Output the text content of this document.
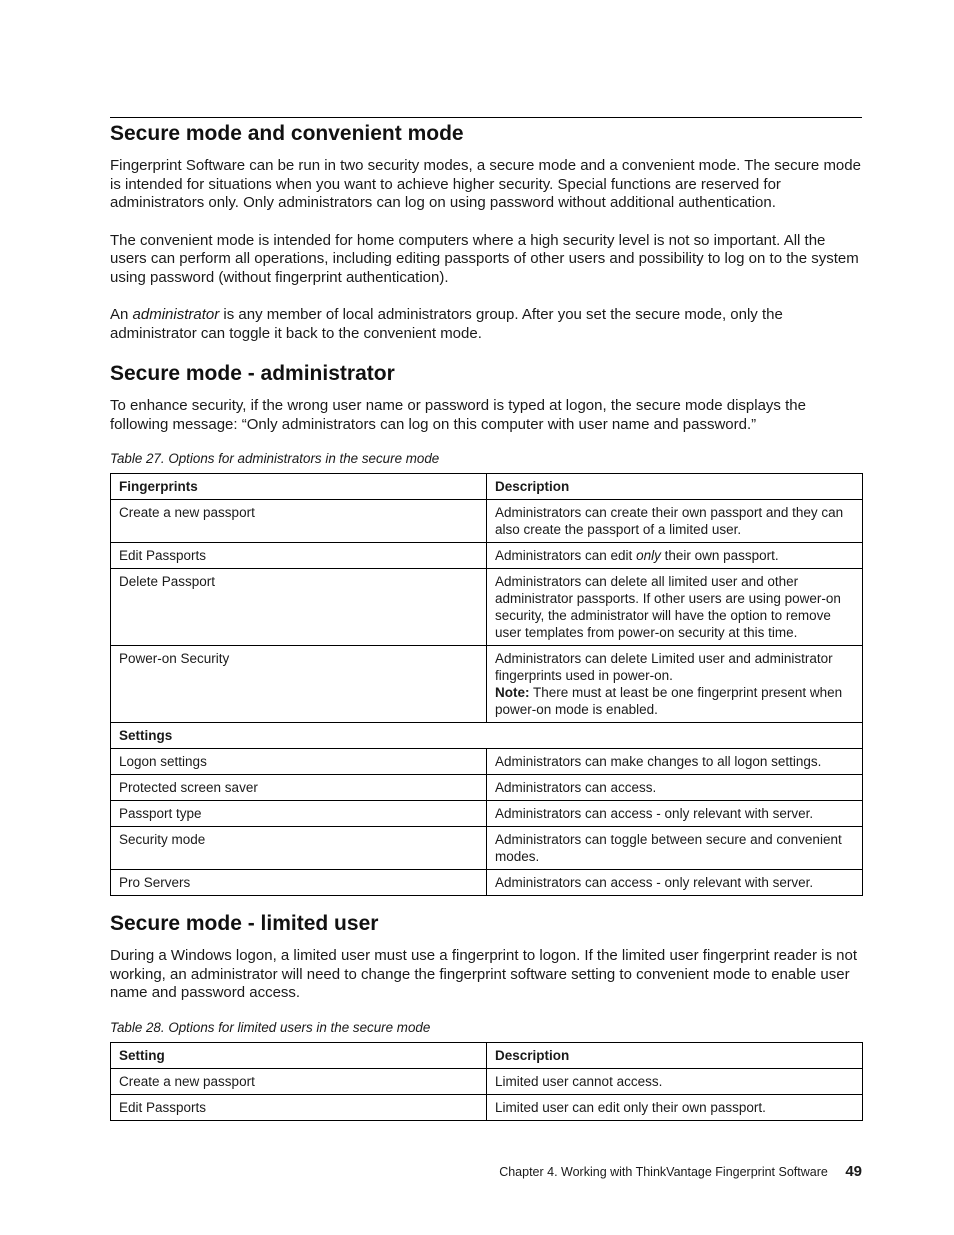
Secure mode and convenient mode

Fingerprint Software can be run in two security modes, a secure mode and a convenient mode. The secure mode is intended for situations when you want to achieve higher security. Special functions are reserved for administrators only. Only administrators can log on using password without additional authentication.

The convenient mode is intended for home computers where a high security level is not so important. All the users can perform all operations, including editing passports of other users and possibility to log on to the system using password (without fingerprint authentication).

An administrator is any member of local administrators group. After you set the secure mode, only the administrator can toggle it back to the convenient mode.

Secure mode - administrator

To enhance security, if the wrong user name or password is typed at logon, the secure mode displays the following message: “Only administrators can log on this computer with user name and password.”

Table 27. Options for administrators in the secure mode
Fingerprints	Description
Create a new passport	Administrators can create their own passport and they can also create the passport of a limited user.
Edit Passports	Administrators can edit only their own passport.
Delete Passport	Administrators can delete all limited user and other administrator passports. If other users are using power-on security, the administrator will have the option to remove user templates from power-on security at this time.
Power-on Security	Administrators can delete Limited user and administrator fingerprints used in power-on.
Note: There must at least be one fingerprint present when power-on mode is enabled.
Settings	
Logon settings	Administrators can make changes to all logon settings.
Protected screen saver	Administrators can access.
Passport type	Administrators can access - only relevant with server.
Security mode	Administrators can toggle between secure and convenient modes.
Pro Servers	Administrators can access - only relevant with server.
Secure mode - limited user

During a Windows logon, a limited user must use a fingerprint to logon. If the limited user fingerprint reader is not working, an administrator will need to change the fingerprint software setting to convenient mode to enable user name and password access.

Table 28. Options for limited users in the secure mode
Setting	Description
Create a new passport	Limited user cannot access.
Edit Passports	Limited user can edit only their own passport.
Chapter 4. Working with ThinkVantage Fingerprint Software 49
